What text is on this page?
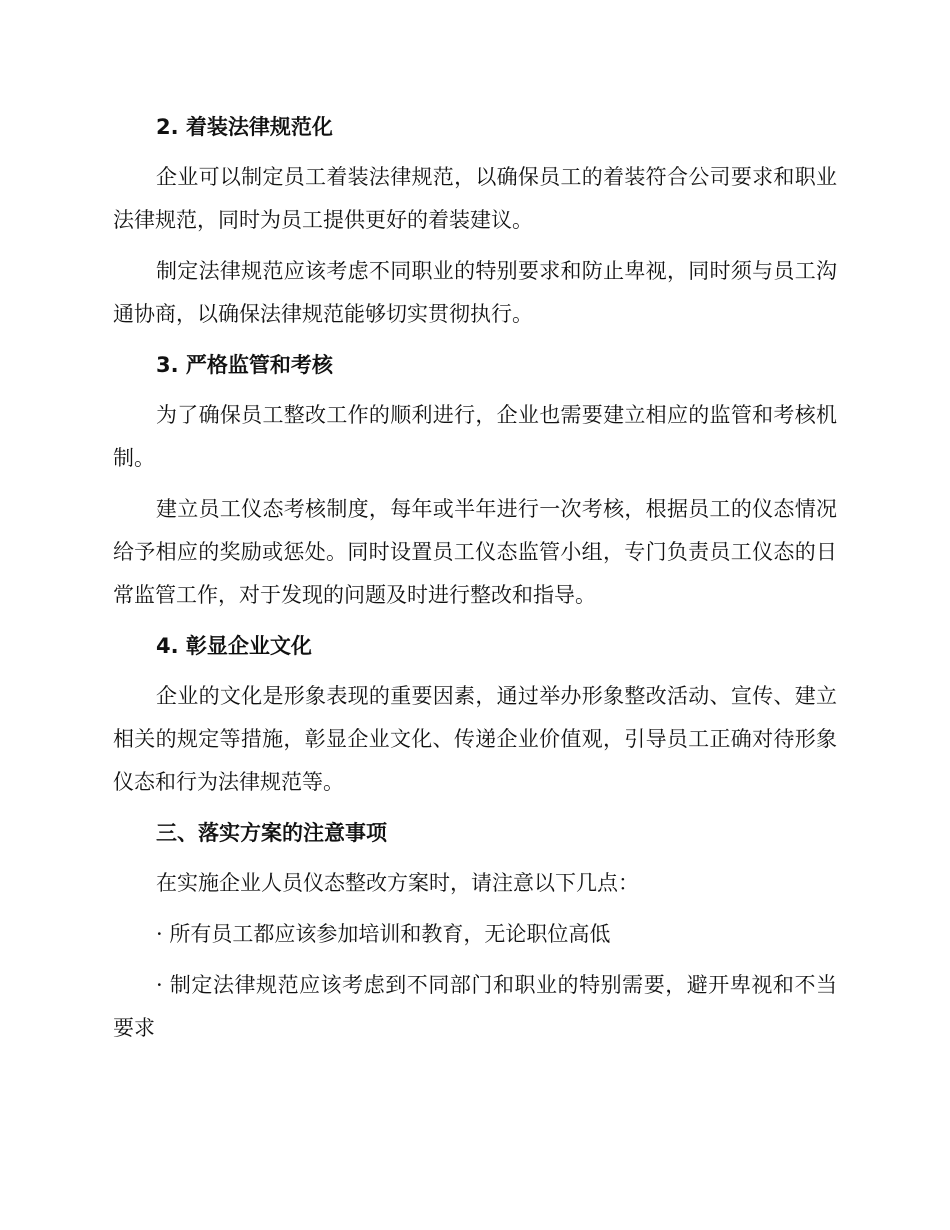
2. 着装法律规范化

企业可以制定员工着装法律规范，以确保员工的着装符合公司要求和职业法律规范，同时为员工提供更好的着装建议。

制定法律规范应该考虑不同职业的特别要求和防止卑视，同时须与员工沟通协商，以确保法律规范能够切实贯彻执行。

3. 严格监管和考核

为了确保员工整改工作的顺利进行，企业也需要建立相应的监管和考核机制。

建立员工仪态考核制度，每年或半年进行一次考核，根据员工的仪态情况给予相应的奖励或惩处。同时设置员工仪态监管小组，专门负责员工仪态的日常监管工作，对于发现的问题及时进行整改和指导。

4. 彰显企业文化

企业的文化是形象表现的重要因素，通过举办形象整改活动、宣传、建立相关的规定等措施，彰显企业文化、传递企业价值观，引导员工正确对待形象仪态和行为法律规范等。

三、落实方案的注意事项

在实施企业人员仪态整改方案时，请注意以下几点：

· 所有员工都应该参加培训和教育，无论职位高低

· 制定法律规范应该考虑到不同部门和职业的特别需要，避开卑视和不当要求
